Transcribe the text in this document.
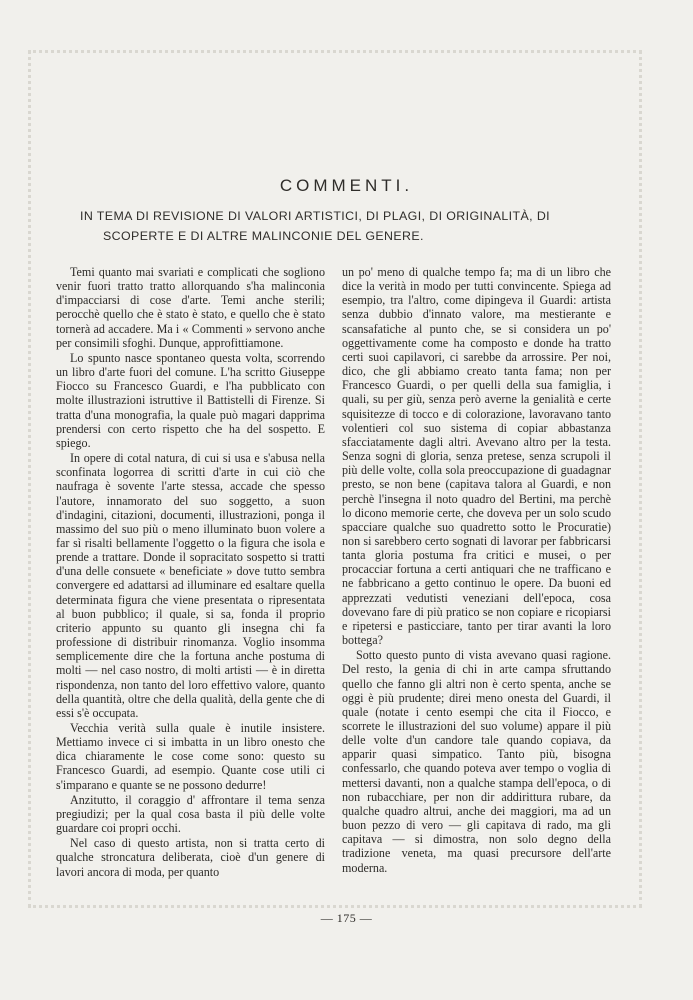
COMMENTI.
IN TEMA DI REVISIONE DI VALORI ARTISTICI, DI PLAGI, DI ORIGINALITÀ, DI
SCOPERTE E DI ALTRE MALINCONIE DEL GENERE.

Temi quanto mai svariati e complicati che sogliono venir fuori tratto tratto allorquando s'ha malinconia d'impacciarsi di cose d'arte. Temi anche sterili; perocchè quello che è stato è stato, e quello che è stato tornerà ad accadere. Ma i « Commenti » servono anche per consimili sfoghi. Dunque, approfittiamone.

Lo spunto nasce spontaneo questa volta, scorrendo un libro d'arte fuori del comune. L'ha scritto Giuseppe Fiocco su Francesco Guardi, e l'ha pubblicato con molte illustrazioni istruttive il Battistelli di Firenze. Si tratta d'una monografia, la quale può magari dapprima prendersi con certo rispetto che ha del sospetto. E spiego.

In opere di cotal natura, di cui si usa e s'abusa nella sconfinata logorrea di scritti d'arte in cui ciò che naufraga è sovente l'arte stessa, accade che spesso l'autore, innamorato del suo soggetto, a suon d'indagini, citazioni, documenti, illustrazioni, ponga il massimo del suo più o meno illuminato buon volere a far sì risalti bellamente l'oggetto o la figura che isola e prende a trattare. Donde il sopracitato sospetto si tratti d'una delle consuete « beneficiate » dove tutto sembra convergere ed adattarsi ad illuminare ed esaltare quella determinata figura che viene presentata o ripresentata al buon pubblico; il quale, si sa, fonda il proprio criterio appunto su quanto gli insegna chi fa professione di distribuir rinomanza. Voglio insomma semplicemente dire che la fortuna anche postuma di molti — nel caso nostro, di molti artisti — è in diretta rispondenza, non tanto del loro effettivo valore, quanto della quantità, oltre che della qualità, della gente che di essi s'è occupata.

Vecchia verità sulla quale è inutile insistere. Mettiamo invece ci si imbatta in un libro onesto che dica chiaramente le cose come sono: questo su Francesco Guardi, ad esempio. Quante cose utili ci s'imparano e quante se ne possono dedurre!

Anzitutto, il coraggio d' affrontare il tema senza pregiudizi; per la qual cosa basta il più delle volte guardare coi propri occhi.

Nel caso di questo artista, non si tratta certo di qualche stroncatura deliberata, cioè d'un genere di lavori ancora di moda, per quanto

un po' meno di qualche tempo fa; ma di un libro che dice la verità in modo per tutti convincente. Spiega ad esempio, tra l'altro, come dipingeva il Guardi: artista senza dubbio d'innato valore, ma mestierante e scansafatiche al punto che, se si considera un po' oggettivamente come ha composto e donde ha tratto certi suoi capilavori, ci sarebbe da arrossire. Per noi, dico, che gli abbiamo creato tanta fama; non per Francesco Guardi, o per quelli della sua famiglia, i quali, su per giù, senza però averne la genialità e certe squisitezze di tocco e di colorazione, lavoravano tanto volentieri col suo sistema di copiar abbastanza sfacciatamente dagli altri. Avevano altro per la testa. Senza sogni di gloria, senza pretese, senza scrupoli il più delle volte, colla sola preoccupazione di guadagnar presto, se non bene (capitava talora al Guardi, e non perchè l'insegna il noto quadro del Bertini, ma perchè lo dicono memorie certe, che doveva per un solo scudo spacciare qualche suo quadretto sotto le Procuratie) non si sarebbero certo sognati di lavorar per fabbricarsi tanta gloria postuma fra critici e musei, o per procacciar fortuna a certi antiquari che ne trafficano e ne fabbricano a getto continuo le opere. Da buoni ed apprezzati vedutisti veneziani dell'epoca, cosa dovevano fare di più pratico se non copiare e ricopiarsi e ripetersi e pasticciare, tanto per tirar avanti la loro bottega?

Sotto questo punto di vista avevano quasi ragione. Del resto, la genia di chi in arte campa sfruttando quello che fanno gli altri non è certo spenta, anche se oggi è più prudente; direi meno onesta del Guardi, il quale (notate i cento esempi che cita il Fiocco, e scorrete le illustrazioni del suo volume) appare il più delle volte d'un candore tale quando copiava, da apparir quasi simpatico. Tanto più, bisogna confessarlo, che quando poteva aver tempo o voglia di mettersi davanti, non a qualche stampa dell'epoca, o di non rubacchiare, per non dir addirittura rubare, da qualche quadro altrui, anche dei maggiori, ma ad un buon pezzo di vero — gli capitava di rado, ma gli capitava — si dimostra, non solo degno della tradizione veneta, ma quasi precursore dell'arte moderna.

— 175 —
